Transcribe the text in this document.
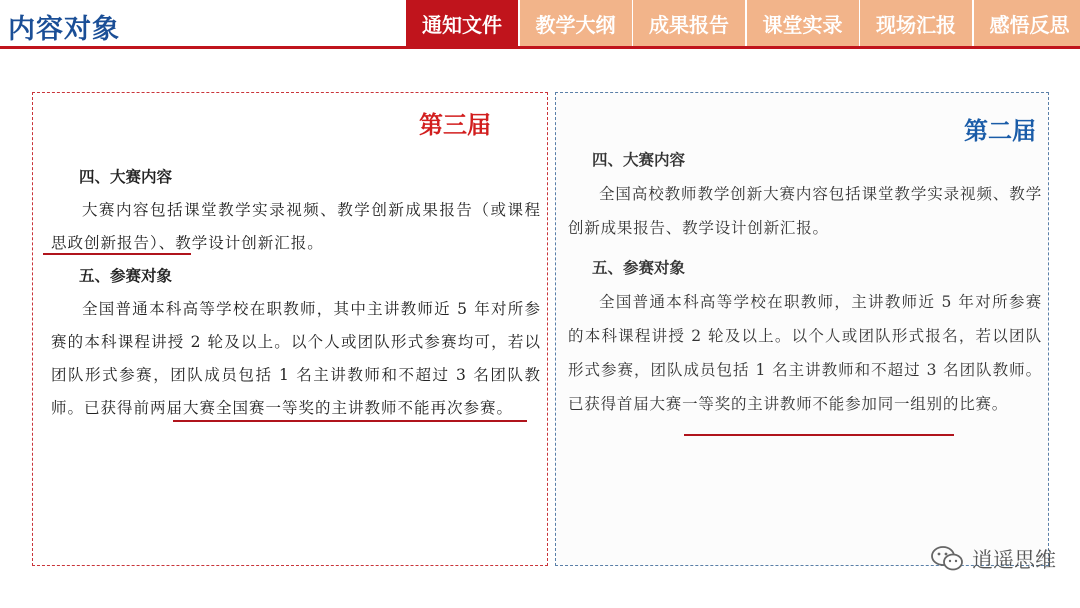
内容对象	通知文件	教学大纲	成果报告	课堂实录	现场汇报	感悟反思
第三届
四、大赛内容
大赛内容包括课堂教学实录视频、教学创新成果报告（或课程思政创新报告）、教学设计创新汇报。
五、参赛对象
全国普通本科高等学校在职教师，其中主讲教师近 5 年对所参赛的本科课程讲授 2 轮及以上。以个人或团队形式参赛均可，若以团队形式参赛，团队成员包括 1 名主讲教师和不超过 3 名团队教师。已获得前两届大赛全国赛一等奖的主讲教师不能再次参赛。
第二届
四、大赛内容
全国高校教师教学创新大赛内容包括课堂教学实录视频、教学创新成果报告、教学设计创新汇报。
五、参赛对象
全国普通本科高等学校在职教师，主讲教师近 5 年对所参赛的本科课程讲授 2 轮及以上。以个人或团队形式报名，若以团队形式参赛，团队成员包括 1 名主讲教师和不超过 3 名团队教师。已获得首届大赛一等奖的主讲教师不能参加同一组别的比赛。
逍遥思维
